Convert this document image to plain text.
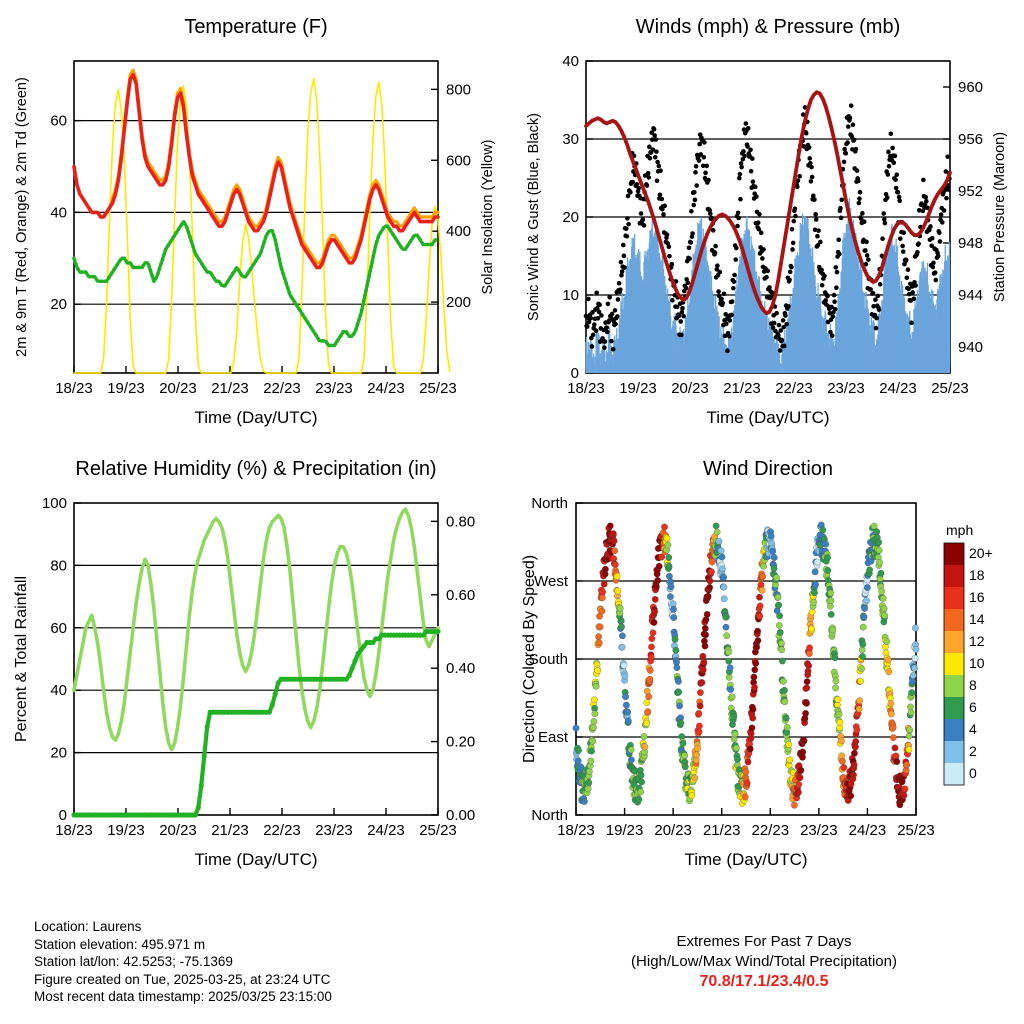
Temperature (F)
20
40
60
200
400
600
800
18/23 19/23 20/23 21/23 22/23 23/23 24/23 25/23
Time (Day/UTC)
2m & 9m T (Red, Orange) & 2m Td (Green)	Solar Insolation (Yellow)
Winds (mph) & Pressure (mb)
0
10
20
30
40
940
944
948
952
956
960
18/23 19/23 20/23 21/23 22/23 23/23 24/23 25/23
Time (Day/UTC)
Sonic Wind & Gust (Blue, Black)	Station Pressure (Maroon)
Relative Humidity (%) & Precipitation (in)
0
20
40
60
80
100
0.00
0.20
0.40
0.60
0.80
18/23 19/23 20/23 21/23 22/23 23/23 24/23 25/23
Time (Day/UTC)
Percent & Total Rainfall
Wind Direction
North
West
South
East
North
18/23 19/23 20/23 21/23 22/23 23/23 24/23 25/23
Time (Day/UTC)
Direction (Colored By Speed)
mph
20+
18
16
14
12
10
8
6
4
2
0
Location: Laurens
Station elevation: 495.971 m
Station lat/lon: 42.5253; -75.1369
Figure created on Tue, 2025-03-25, at 23:24 UTC
Most recent data timestamp: 2025/03/25 23:15:00
Extremes For Past 7 Days
(High/Low/Max Wind/Total Precipitation)
70.8/17.1/23.4/0.5
